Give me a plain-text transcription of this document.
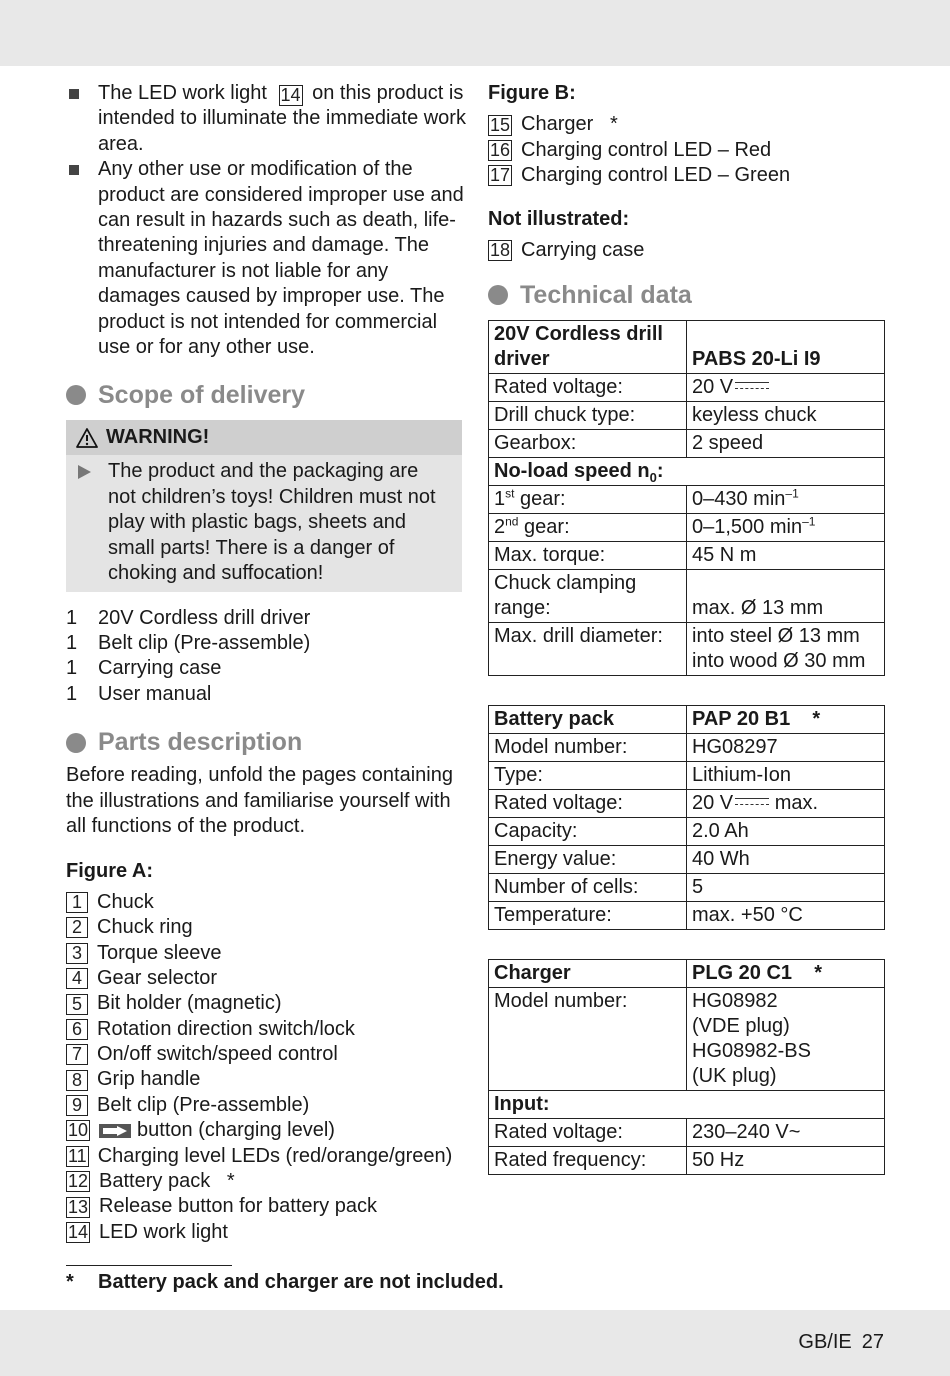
The LED work light 14 on this product is intended to illuminate the immediate work area.
Any other use or modification of the product are considered improper use and can result in hazards such as death, life-threatening injuries and damage. The manufacturer is not liable for any damages caused by improper use. The product is not intended for commercial use or for any other use.
Scope of delivery
WARNING!
The product and the packaging are not children’s toys! Children must not play with plastic bags, sheets and small parts! There is a danger of choking and suffocation!
1	20V Cordless drill driver
1	Belt clip (Pre-assemble)
1	Carrying case
1	User manual
Parts description
Before reading, unfold the pages containing the illustrations and familiarise yourself with all functions of the product.
Figure A:
1 Chuck
2 Chuck ring
3 Torque sleeve
4 Gear selector
5 Bit holder (magnetic)
6 Rotation direction switch/lock
7 On/off switch/speed control
8 Grip handle
9 Belt clip (Pre-assemble)
10 button (charging level)
11 Charging level LEDs (red/orange/green)
12 Battery pack   *
13 Release button for battery pack
14 LED work light
Figure B:
15 Charger   *
16 Charging control LED – Red
17 Charging control LED – Green
Not illustrated:
18 Carrying case
Technical data
20V Cordless drill driver	PABS 20-Li I9
Rated voltage:	20 V
Drill chuck type:	keyless chuck
Gearbox:	2 speed
No-load speed $n_0$:	
1st gear:	0–430 $\min^{-1}$
2nd gear:	0–1,500 $\min^{-1}$
Max. torque:	45 N m
Chuck clamping range:	max. Ø 13 mm
Max. drill diameter:	into steel Ø 13 mm
into wood Ø 30 mm
Battery pack	PAP 20 B1    *
Model number:	HG08297
Type:	Lithium-Ion
Rated voltage:	20 V max.
Capacity:	2.0 Ah
Energy value:	40 Wh
Number of cells:	5
Temperature:	max. +50 °C
Charger	PLG 20 C1    *
Model number:	HG08982
(VDE plug)
HG08982-BS
(UK plug)

Input:	
Rated voltage:	230–240 V~
Rated frequency:	50 Hz
*	Battery pack and charger are not included.
GB/IE 27
